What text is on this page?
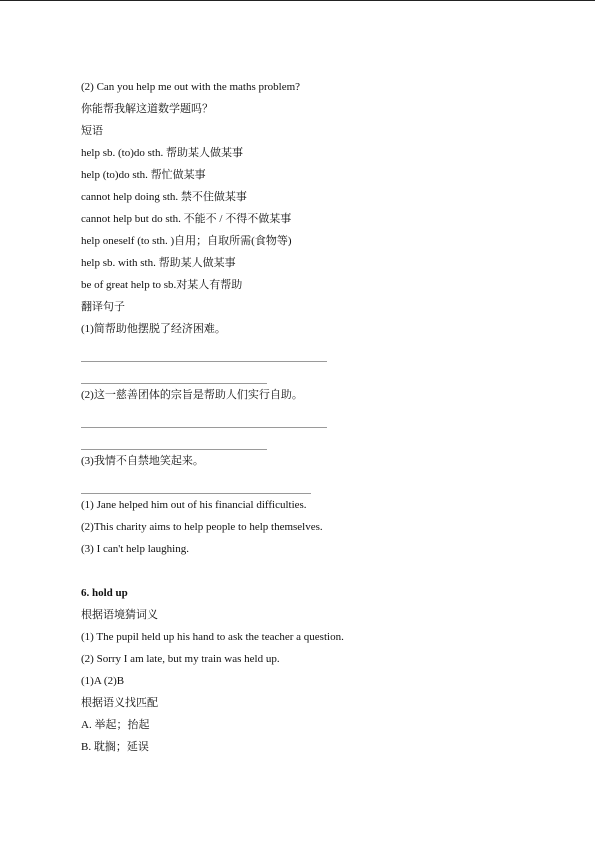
(2) Can you help me out with the maths problem?
你能帮我解这道数学题吗？
短语
help sb. (to)do sth. 帮助某人做某事
help (to)do sth. 帮忙做某事
cannot help doing sth. 禁不住做某事
cannot help but do sth. 不能不 / 不得不做某事
help oneself (to sth. )自用；自取所需(食物等)
help sb. with sth. 帮助某人做某事
be of great help to sb.对某人有帮助
翻译句子
(1)简帮助他摆脱了经济困难。
(2)这一慈善团体的宗旨是帮助人们实行自助。
(3)我情不自禁地笑起来。
(1) Jane helped him out of his financial difficulties.
(2)This charity aims to help people to help themselves.
(3) I can't help laughing.
6. hold up
根据语境猜词义
(1) The pupil held up his hand to ask the teacher a question.
(2) Sorry I am late, but my train was held up.
(1)A (2)B
根据语义找匹配
A. 举起；抬起
B. 耽搁；延误
